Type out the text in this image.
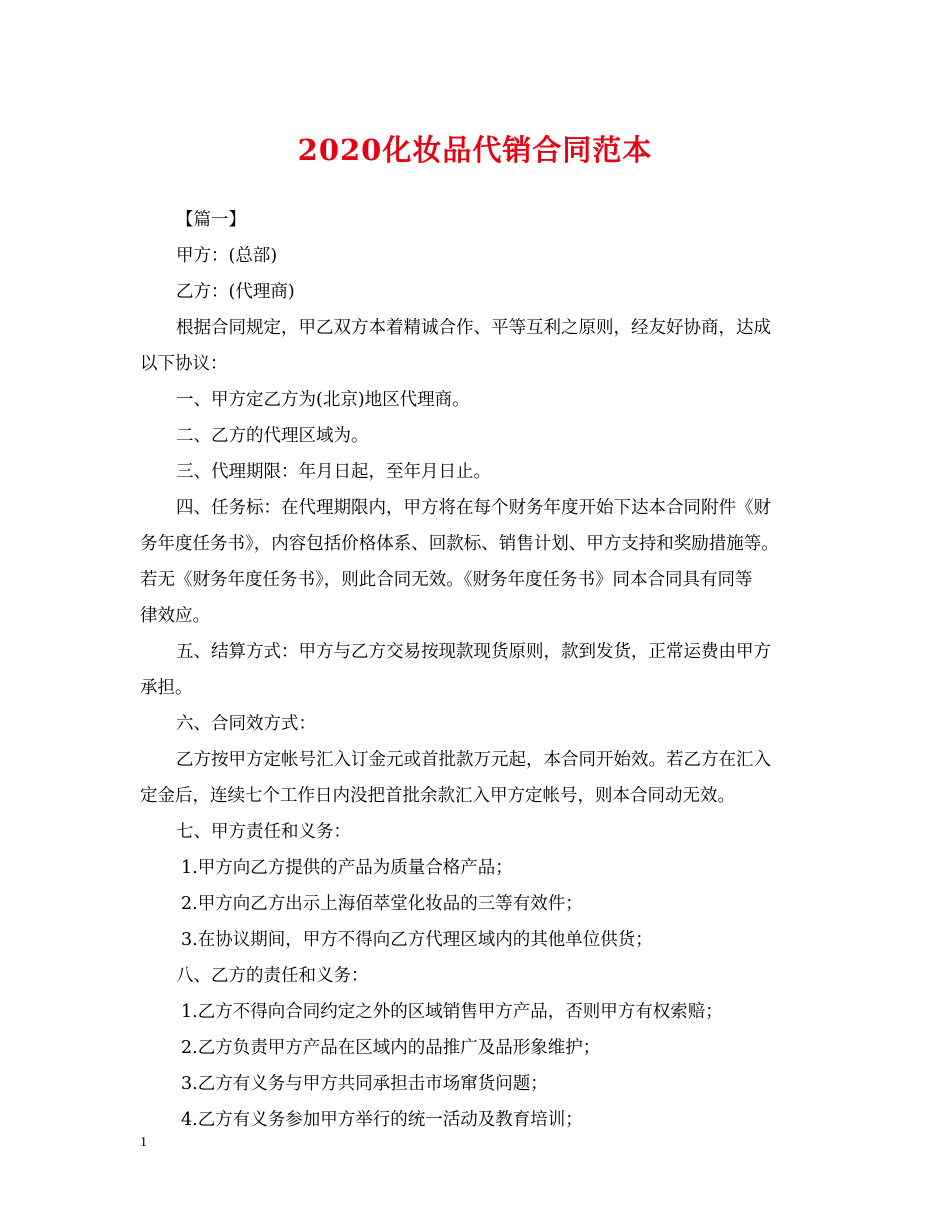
2020化妆品代销合同范本
【篇一】
甲方：(总部)
乙方：(代理商)
根据合同规定，甲乙双方本着精诚合作、平等互利之原则，经友好协商，达成
以下协议：
一、甲方定乙方为(北京)地区代理商。
二、乙方的代理区域为。
三、代理期限：年月日起，至年月日止。
四、任务标：在代理期限内，甲方将在每个财务年度开始下达本合同附件《财
务年度任务书》，内容包括价格体系、回款标、销售计划、甲方支持和奖励措施等。
若无《财务年度任务书》，则此合同无效。《财务年度任务书》同本合同具有同等
律效应。
五、结算方式：甲方与乙方交易按现款现货原则，款到发货，正常运费由甲方
承担。
六、合同效方式：
乙方按甲方定帐号汇入订金元或首批款万元起，本合同开始效。若乙方在汇入
定金后，连续七个工作日内没把首批余款汇入甲方定帐号，则本合同动无效。
七、甲方责任和义务：
1.甲方向乙方提供的产品为质量合格产品；
2.甲方向乙方出示上海佰萃堂化妆品的三等有效件；
3.在协议期间，甲方不得向乙方代理区域内的其他单位供货；
八、乙方的责任和义务：
1.乙方不得向合同约定之外的区域销售甲方产品，否则甲方有权索赔；
2.乙方负责甲方产品在区域内的品推广及品形象维护；
3.乙方有义务与甲方共同承担击市场窜货问题；
4.乙方有义务参加甲方举行的统一活动及教育培训；
1
